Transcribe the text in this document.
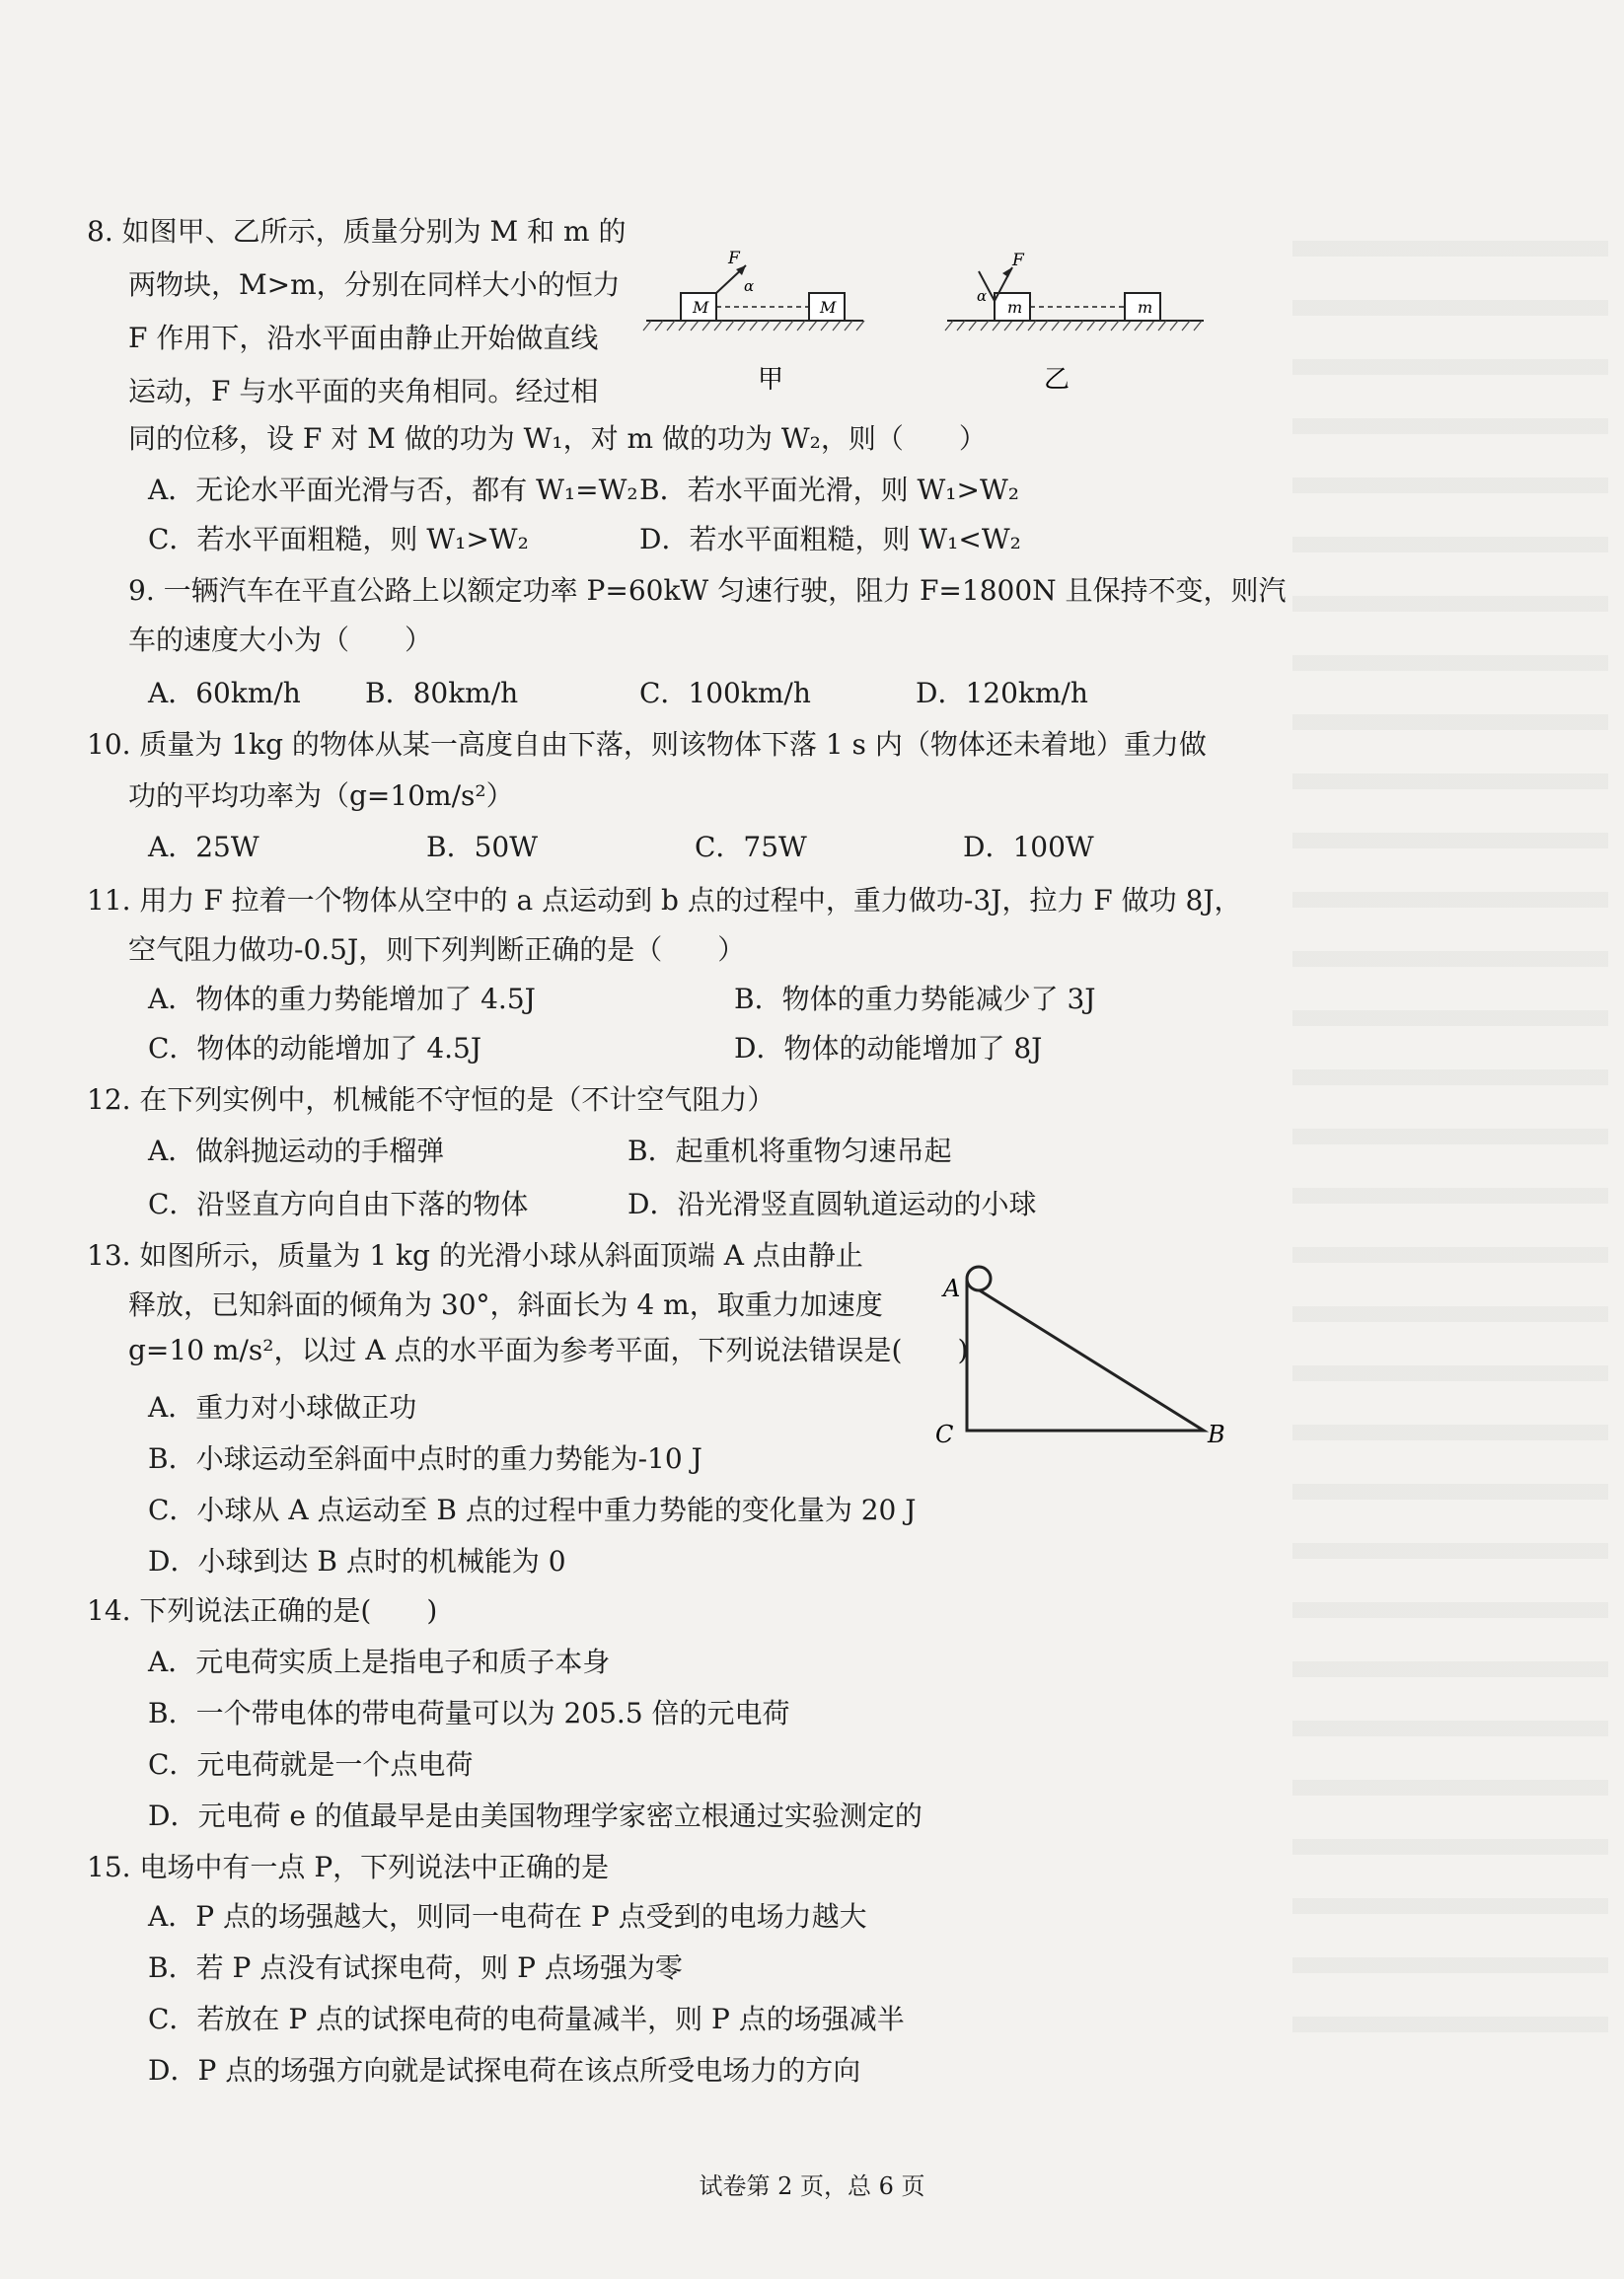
8. 如图甲、乙所示，质量分别为 M 和 m 的
两物块，M>m，分别在同样大小的恒力
F 作用下，沿水平面由静止开始做直线
运动，F 与水平面的夹角相同。经过相
同的位移，设 F 对 M 做的功为 W₁，对 m 做的功为 W₂，则（　　）
A．无论水平面光滑与否，都有 W₁=W₂ B．若水平面光滑，则 W₁>W₂
C．若水平面粗糙，则 W₁>W₂	D．若水平面粗糙，则 W₁<W₂
M	M
F
α
甲
m	m
α
F
乙
9. 一辆汽车在平直公路上以额定功率 P=60kW 匀速行驶，阻力 F=1800N 且保持不变，则汽
车的速度大小为（　　）
A．60km/h B．80km/h	C．100km/h	D．120km/h
10. 质量为 1kg 的物体从某一高度自由下落，则该物体下落 1 s 内（物体还未着地）重力做
功的平均功率为（g=10m/s²）
A．25W	B．50W	C．75W	D．100W
11. 用力 F 拉着一个物体从空中的 a 点运动到 b 点的过程中，重力做功-3J，拉力 F 做功 8J，
空气阻力做功-0.5J，则下列判断正确的是（　　）
A．物体的重力势能增加了 4.5J	B．物体的重力势能减少了 3J
C．物体的动能增加了 4.5J	D．物体的动能增加了 8J
12. 在下列实例中，机械能不守恒的是（不计空气阻力）
A．做斜抛运动的手榴弹	B．起重机将重物匀速吊起
C．沿竖直方向自由下落的物体	D．沿光滑竖直圆轨道运动的小球
13. 如图所示，质量为 1 kg 的光滑小球从斜面顶端 A 点由静止
释放，已知斜面的倾角为 30°，斜面长为 4 m，取重力加速度
g=10 m/s²，以过 A 点的水平面为参考平面，下列说法错误是(　　)
A．重力对小球做正功
B．小球运动至斜面中点时的重力势能为-10 J
C．小球从 A 点运动至 B 点的过程中重力势能的变化量为 20 J
D．小球到达 B 点时的机械能为 0
A
C	B
14. 下列说法正确的是(　　)
A．元电荷实质上是指电子和质子本身
B．一个带电体的带电荷量可以为 205.5 倍的元电荷
C．元电荷就是一个点电荷
D．元电荷 e 的值最早是由美国物理学家密立根通过实验测定的
15. 电场中有一点 P，下列说法中正确的是
A．P 点的场强越大，则同一电荷在 P 点受到的电场力越大
B．若 P 点没有试探电荷，则 P 点场强为零
C．若放在 P 点的试探电荷的电荷量减半，则 P 点的场强减半
D．P 点的场强方向就是试探电荷在该点所受电场力的方向
试卷第 2 页，总 6 页
